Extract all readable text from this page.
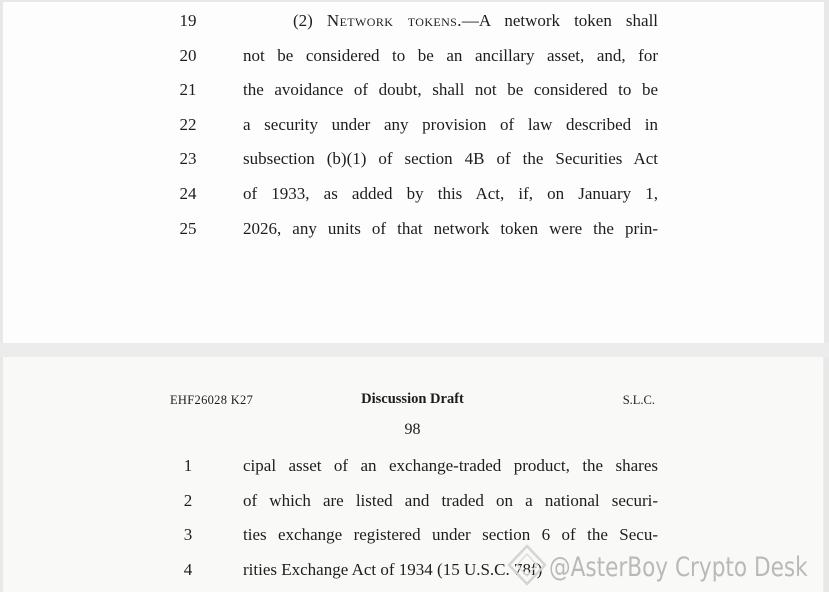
19	(2) Network tokens.—A network token shall
20	not be considered to be an ancillary asset, and, for
21	the avoidance of doubt, shall not be considered to be
22	a security under any provision of law described in
23	subsection (b)(1) of section 4B of the Securities Act
24	of 1933, as added by this Act, if, on January 1,
25	2026, any units of that network token were the prin-
EHF26028 K27	Discussion Draft	S.L.C.
98
1	cipal asset of an exchange-traded product, the shares
2	of which are listed and traded on a national securi-
3	ties exchange registered under section 6 of the Secu-
4	rities Exchange Act of 1934 (15 U.S.C. 78f) @AsterBoy Crypto Desk
